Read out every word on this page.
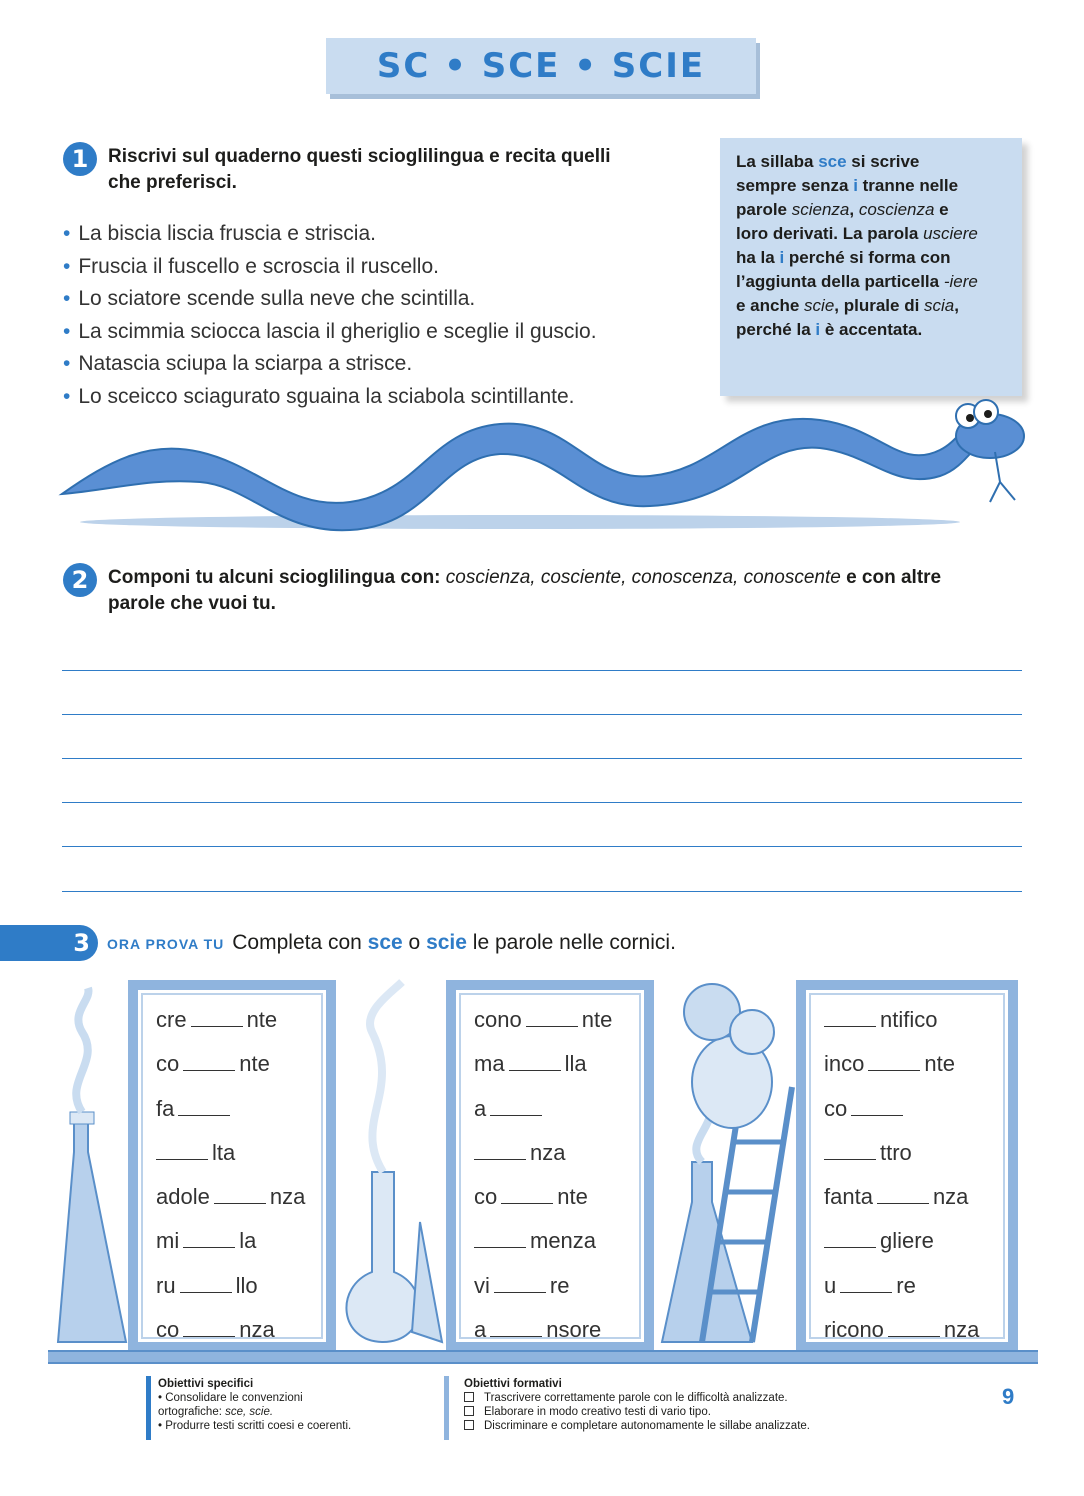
SC • SCE • SCIE
1	Riscrivi sul quaderno questi scioglilingua e recita quelli
che preferisci.
• La biscia liscia fruscia e striscia.
• Fruscia il fuscello e scroscia il ruscello.
• Lo sciatore scende sulla neve che scintilla.
• La scimmia sciocca lascia il gheriglio e sceglie il guscio.
• Natascia sciupa la sciarpa a strisce.
• Lo sceicco sciagurato sguaina la sciabola scintillante.
La sillaba sce si scrive
sempre senza i tranne nelle
parole scienza, coscienza e
loro derivati. La parola usciere
ha la i perché si forma con
l’aggiunta della particella -iere
e anche scie, plurale di scia,
perché la i è accentata.
2	Componi tu alcuni scioglilingua con: coscienza, cosciente, conoscenza, conoscente e con altre
parole che vuoi tu.
3	ORA PROVA TU Completa con sce o scie le parole nelle cornici.
cre	nte
co	nte
fa
lta
adole	nza
mi	la
ru	llo
co	nza
cono	nte
ma	lla
a
nza
co	nte
menza
vi	re
a	nsore
ntifico
inco	nte
co
ttro
fanta	nza
gliere
u	re
ricono	nza
Obiettivi specifici
• Consolidare le convenzioni
ortografiche: sce, scie.
• Produrre testi scritti coesi e coerenti.
Obiettivi formativi
Trascrivere correttamente parole con le difficoltà analizzate.
Elaborare in modo creativo testi di vario tipo.
Discriminare e completare autonomamente le sillabe analizzate.
9
